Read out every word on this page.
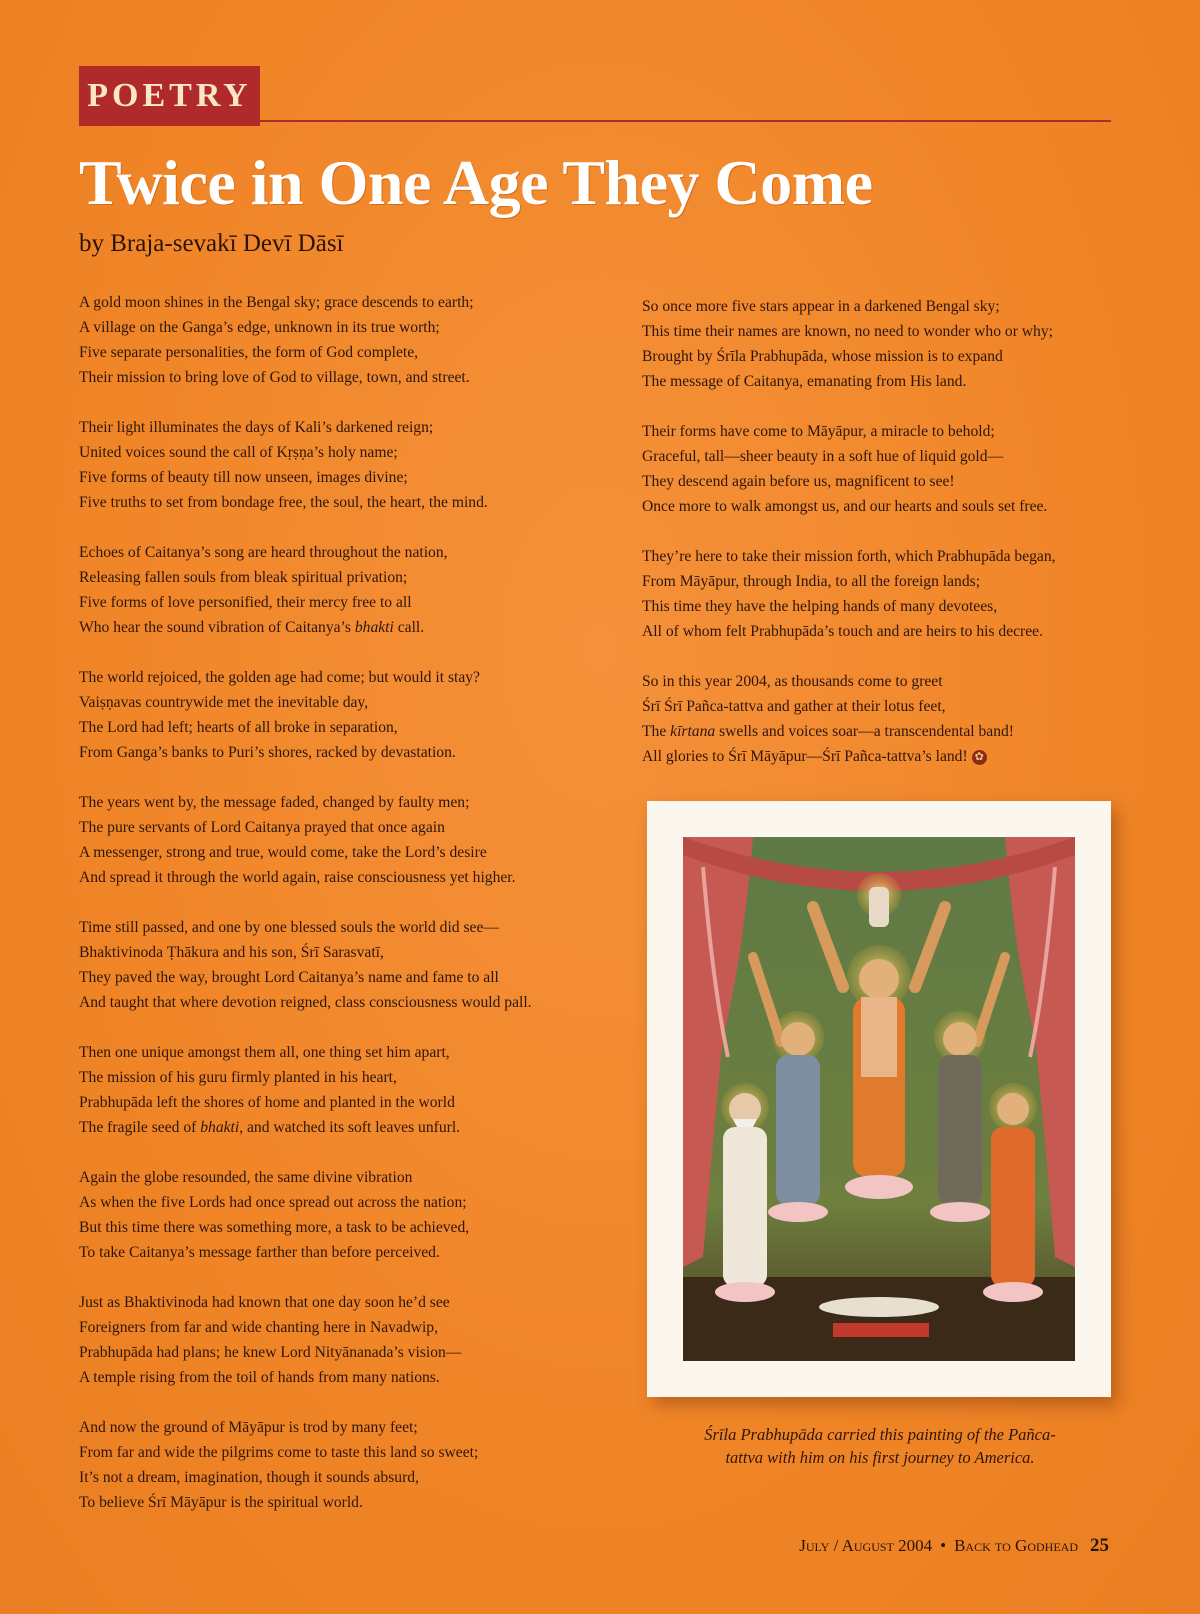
POETRY
Twice in One Age They Come

by Braja-sevakī Devī Dāsī

A gold moon shines in the Bengal sky; grace descends to earth;
A village on the Ganga’s edge, unknown in its true worth;
Five separate personalities, the form of God complete,
Their mission to bring love of God to village, town, and street.

Their light illuminates the days of Kali’s darkened reign;
United voices sound the call of Kṛṣṇa’s holy name;
Five forms of beauty till now unseen, images divine;
Five truths to set from bondage free, the soul, the heart, the mind.

Echoes of Caitanya’s song are heard throughout the nation,
Releasing fallen souls from bleak spiritual privation;
Five forms of love personified, their mercy free to all
Who hear the sound vibration of Caitanya’s bhakti call.

The world rejoiced, the golden age had come; but would it stay?
Vaiṣṇavas countrywide met the inevitable day,
The Lord had left; hearts of all broke in separation,
From Ganga’s banks to Puri’s shores, racked by devastation.

The years went by, the message faded, changed by faulty men;
The pure servants of Lord Caitanya prayed that once again
A messenger, strong and true, would come, take the Lord’s desire
And spread it through the world again, raise consciousness yet higher.

Time still passed, and one by one blessed souls the world did see—
Bhaktivinoda Ṭhākura and his son, Śrī Sarasvatī,
They paved the way, brought Lord Caitanya’s name and fame to all
And taught that where devotion reigned, class consciousness would pall.

Then one unique amongst them all, one thing set him apart,
The mission of his guru firmly planted in his heart,
Prabhupāda left the shores of home and planted in the world
The fragile seed of bhakti, and watched its soft leaves unfurl.

Again the globe resounded, the same divine vibration
As when the five Lords had once spread out across the nation;
But this time there was something more, a task to be achieved,
To take Caitanya’s message farther than before perceived.

Just as Bhaktivinoda had known that one day soon he’d see
Foreigners from far and wide chanting here in Navadwip,
Prabhupāda had plans; he knew Lord Nityānanada’s vision—
A temple rising from the toil of hands from many nations.

And now the ground of Māyāpur is trod by many feet;
From far and wide the pilgrims come to taste this land so sweet;
It’s not a dream, imagination, though it sounds absurd,
To believe Śrī Māyāpur is the spiritual world.

So once more five stars appear in a darkened Bengal sky;
This time their names are known, no need to wonder who or why;
Brought by Śrīla Prabhupāda, whose mission is to expand
The message of Caitanya, emanating from His land.

Their forms have come to Māyāpur, a miracle to behold;
Graceful, tall—sheer beauty in a soft hue of liquid gold—
They descend again before us, magnificent to see!
Once more to walk amongst us, and our hearts and souls set free.

They’re here to take their mission forth, which Prabhupāda began,
From Māyāpur, through India, to all the foreign lands;
This time they have the helping hands of many devotees,
All of whom felt Prabhupāda’s touch and are heirs to his decree.

So in this year 2004, as thousands come to greet
Śrī Śrī Pañca-tattva and gather at their lotus feet,
The kīrtana swells and voices soar—a transcendental band!
All glories to Śrī Māyāpur—Śrī Pañca-tattva’s land! ✿

Śrīla Prabhupāda carried this painting of the Pañca-
tattva with him on his first journey to America.

July / August 2004 • Back to Godhead 25
